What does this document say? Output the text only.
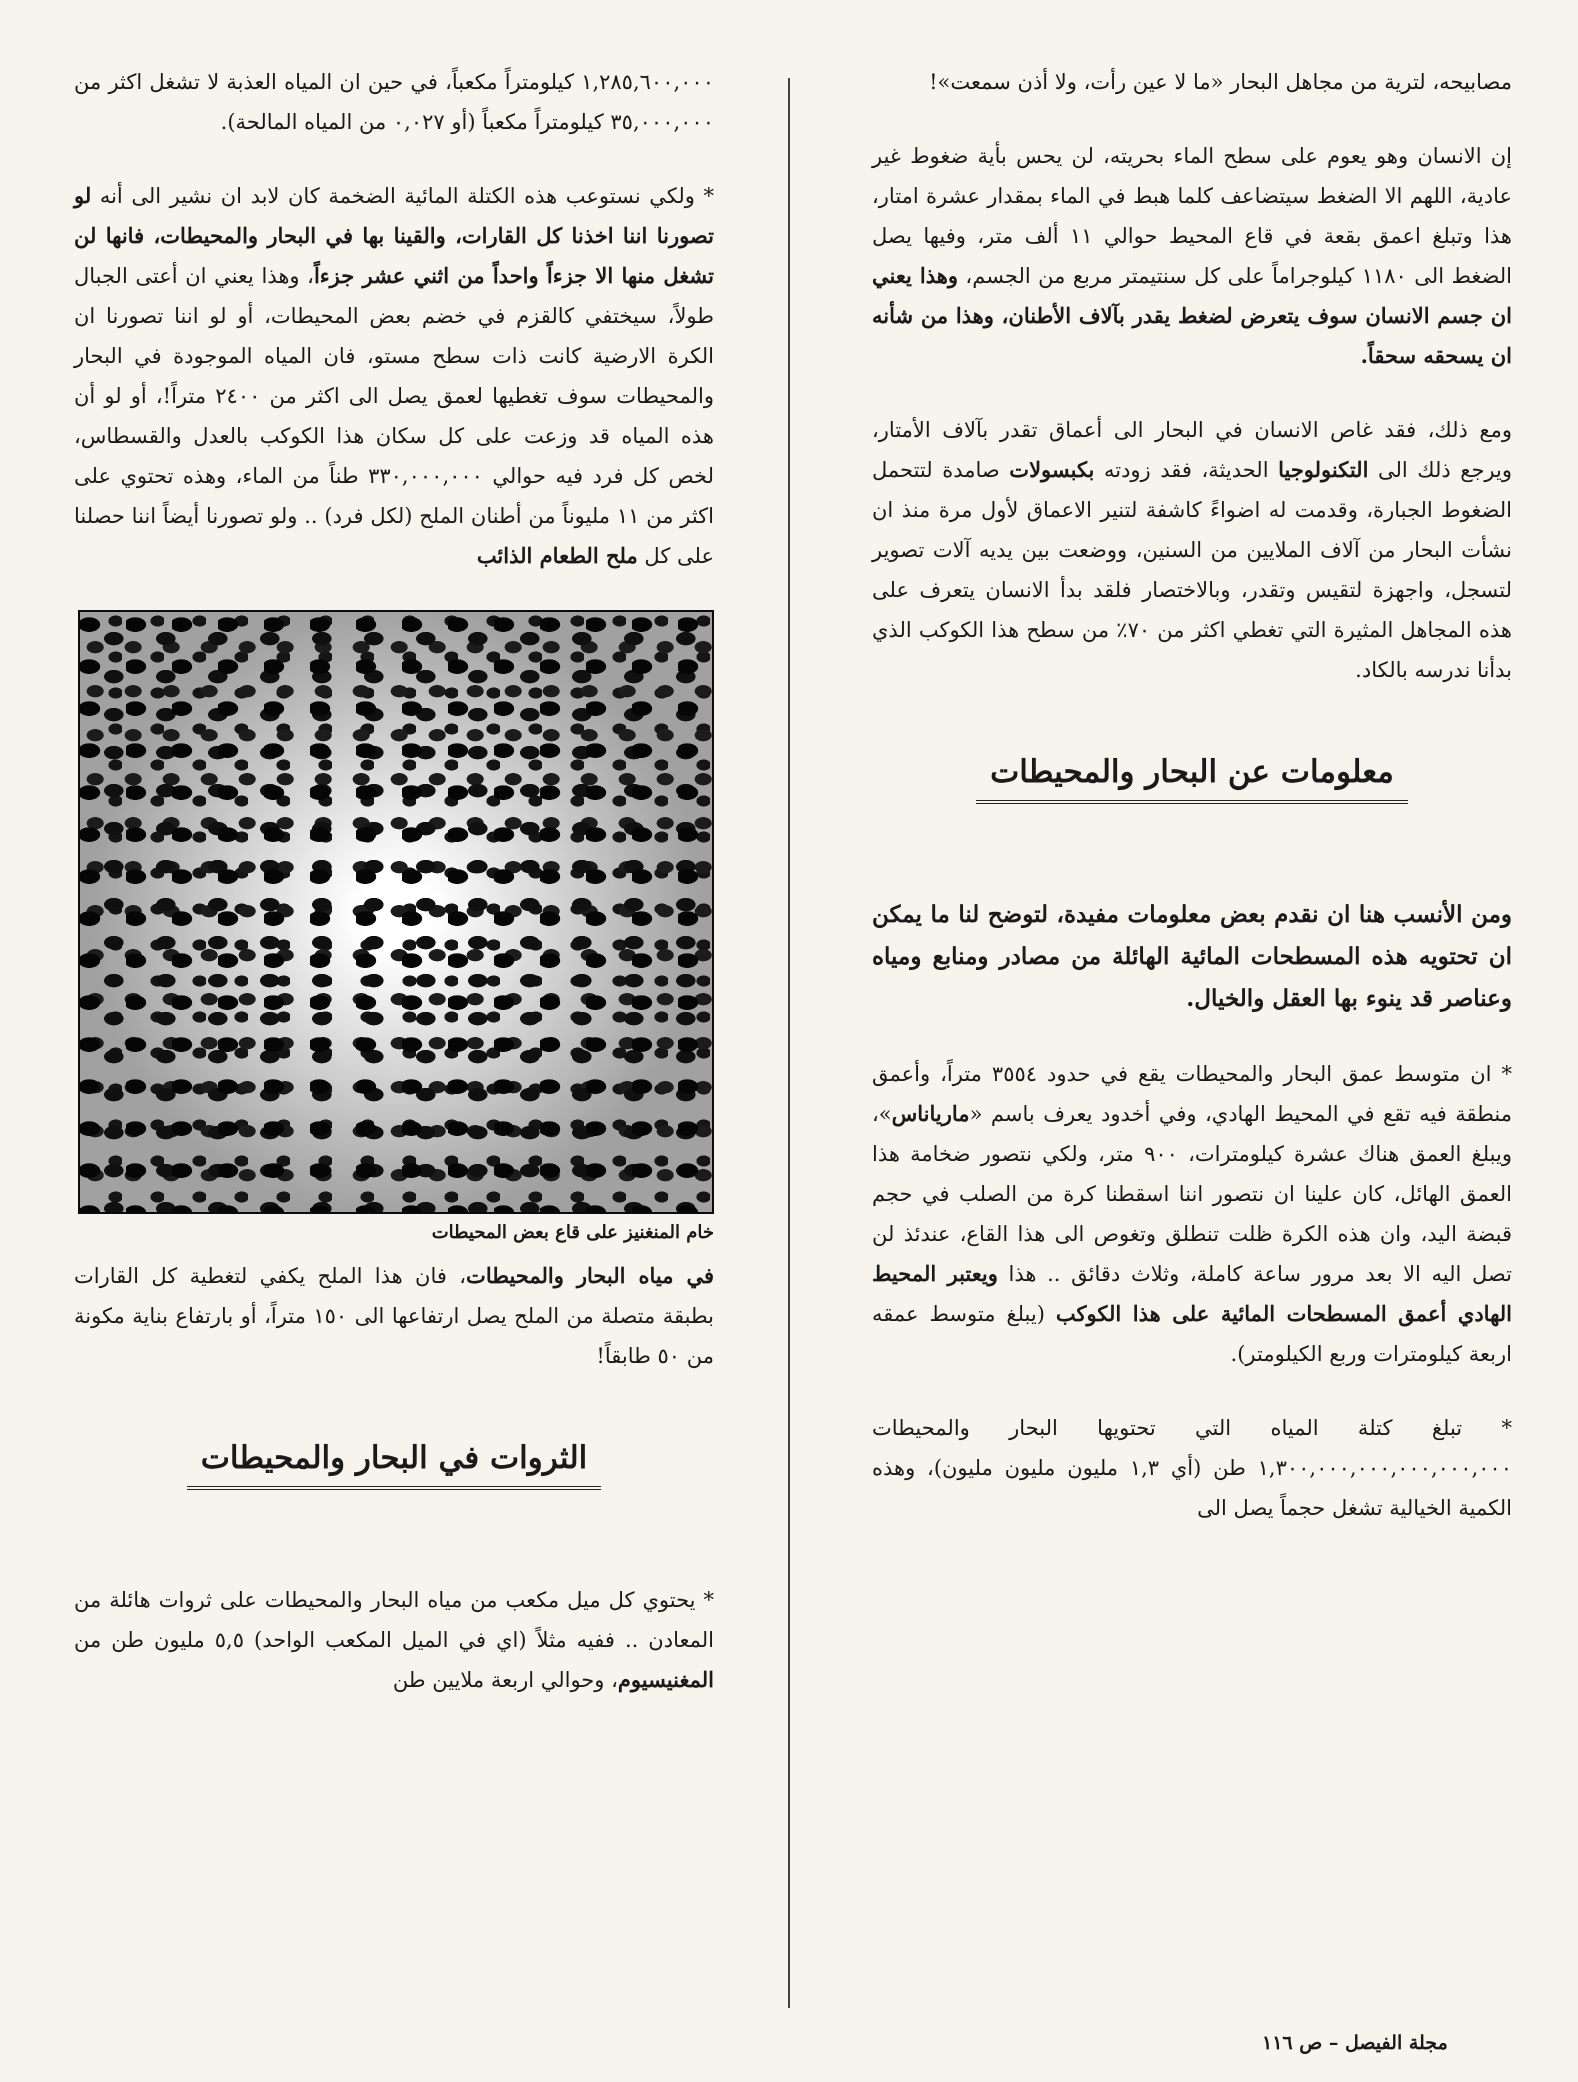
مصابيحه، لترية من مجاهل البحار «ما لا عين رأت، ولا أذن سمعت»!

إن الانسان وهو يعوم على سطح الماء بحريته، لن يحس بأية ضغوط غير عادية، اللهم الا الضغط سيتضاعف كلما هبط في الماء بمقدار عشرة امتار، هذا وتبلغ اعمق بقعة في قاع المحيط حوالي ١١ ألف متر، وفيها يصل الضغط الى ١١٨٠ كيلوجراماً على كل سنتيمتر مربع من الجسم، وهذا يعني ان جسم الانسان سوف يتعرض لضغط يقدر بآلاف الأطنان، وهذا من شأنه ان يسحقه سحقاً.

ومع ذلك، فقد غاص الانسان في البحار الى أعماق تقدر بآلاف الأمتار، ويرجع ذلك الى التكنولوجيا الحديثة، فقد زودته بكبسولات صامدة لتتحمل الضغوط الجبارة، وقدمت له اضواءً كاشفة لتنير الاعماق لأول مرة منذ ان نشأت البحار من آلاف الملايين من السنين، ووضعت بين يديه آلات تصوير لتسجل، واجهزة لتقيس وتقدر، وبالاختصار فلقد بدأ الانسان يتعرف على هذه المجاهل المثيرة التي تغطي اكثر من ٧٠٪ من سطح هذا الكوكب الذي بدأنا ندرسه بالكاد.

معلومات عن البحار والمحيطات

ومن الأنسب هنا ان نقدم بعض معلومات مفيدة، لتوضح لنا ما يمكن ان تحتويه هذه المسطحات المائية الهائلة من مصادر ومنابع ومياه وعناصر قد ينوء بها العقل والخيال.

* ان متوسط عمق البحار والمحيطات يقع في حدود ٣٥٥٤ متراً، وأعمق منطقة فيه تقع في المحيط الهادي، وفي أخدود يعرف باسم «مارياناس»، ويبلغ العمق هناك عشرة كيلومترات، ٩٠٠ متر، ولكي نتصور ضخامة هذا العمق الهائل، كان علينا ان نتصور اننا اسقطنا كرة من الصلب في حجم قبضة اليد، وان هذه الكرة ظلت تنطلق وتغوص الى هذا القاع، عندئذ لن تصل اليه الا بعد مرور ساعة كاملة، وثلاث دقائق .. هذا ويعتبر المحيط الهادي أعمق المسطحات المائية على هذا الكوكب (يبلغ متوسط عمقه اربعة كيلومترات وربع الكيلومتر).

* تبلغ كتلة المياه التي تحتويها البحار والمحيطات ١,٣٠٠,٠٠٠,٠٠٠,٠٠٠,٠٠٠,٠٠٠ طن (أي ١,٣ مليون مليون مليون)، وهذه الكمية الخيالية تشغل حجماً يصل الى

١,٢٨٥,٦٠٠,٠٠٠ كيلومتراً مكعباً، في حين ان المياه العذبة لا تشغل اكثر من ٣٥,٠٠٠,٠٠٠ كيلومتراً مكعباً (أو ٠,٠٢٧ من المياه المالحة).

* ولكي نستوعب هذه الكتلة المائية الضخمة كان لابد ان نشير الى أنه لو تصورنا اننا اخذنا كل القارات، والقينا بها في البحار والمحيطات، فانها لن تشغل منها الا جزءاً واحداً من اثني عشر جزءاً، وهذا يعني ان أعتى الجبال طولاً، سيختفي كالقزم في خضم بعض المحيطات، أو لو اننا تصورنا ان الكرة الارضية كانت ذات سطح مستو، فان المياه الموجودة في البحار والمحيطات سوف تغطيها لعمق يصل الى اكثر من ٢٤٠٠ متراً!، أو لو أن هذه المياه قد وزعت على كل سكان هذا الكوكب بالعدل والقسطاس، لخص كل فرد فيه حوالي ٣٣٠,٠٠٠,٠٠٠ طناً من الماء، وهذه تحتوي على اكثر من ١١ مليوناً من أطنان الملح (لكل فرد) .. ولو تصورنا أيضاً اننا حصلنا على كل ملح الطعام الذائب

خام المنغنيز على قاع بعض المحيطات

في مياه البحار والمحيطات، فان هذا الملح يكفي لتغطية كل القارات بطبقة متصلة من الملح يصل ارتفاعها الى ١٥٠ متراً، أو بارتفاع بناية مكونة من ٥٠ طابقاً!

الثروات في البحار والمحيطات

* يحتوي كل ميل مكعب من مياه البحار والمحيطات على ثروات هائلة من المعادن .. ففيه مثلاً (اي في الميل المكعب الواحد) ٥,٥ مليون طن من المغنيسيوم، وحوالي اربعة ملايين طن

مجلة الفيصل – ص ١١٦
